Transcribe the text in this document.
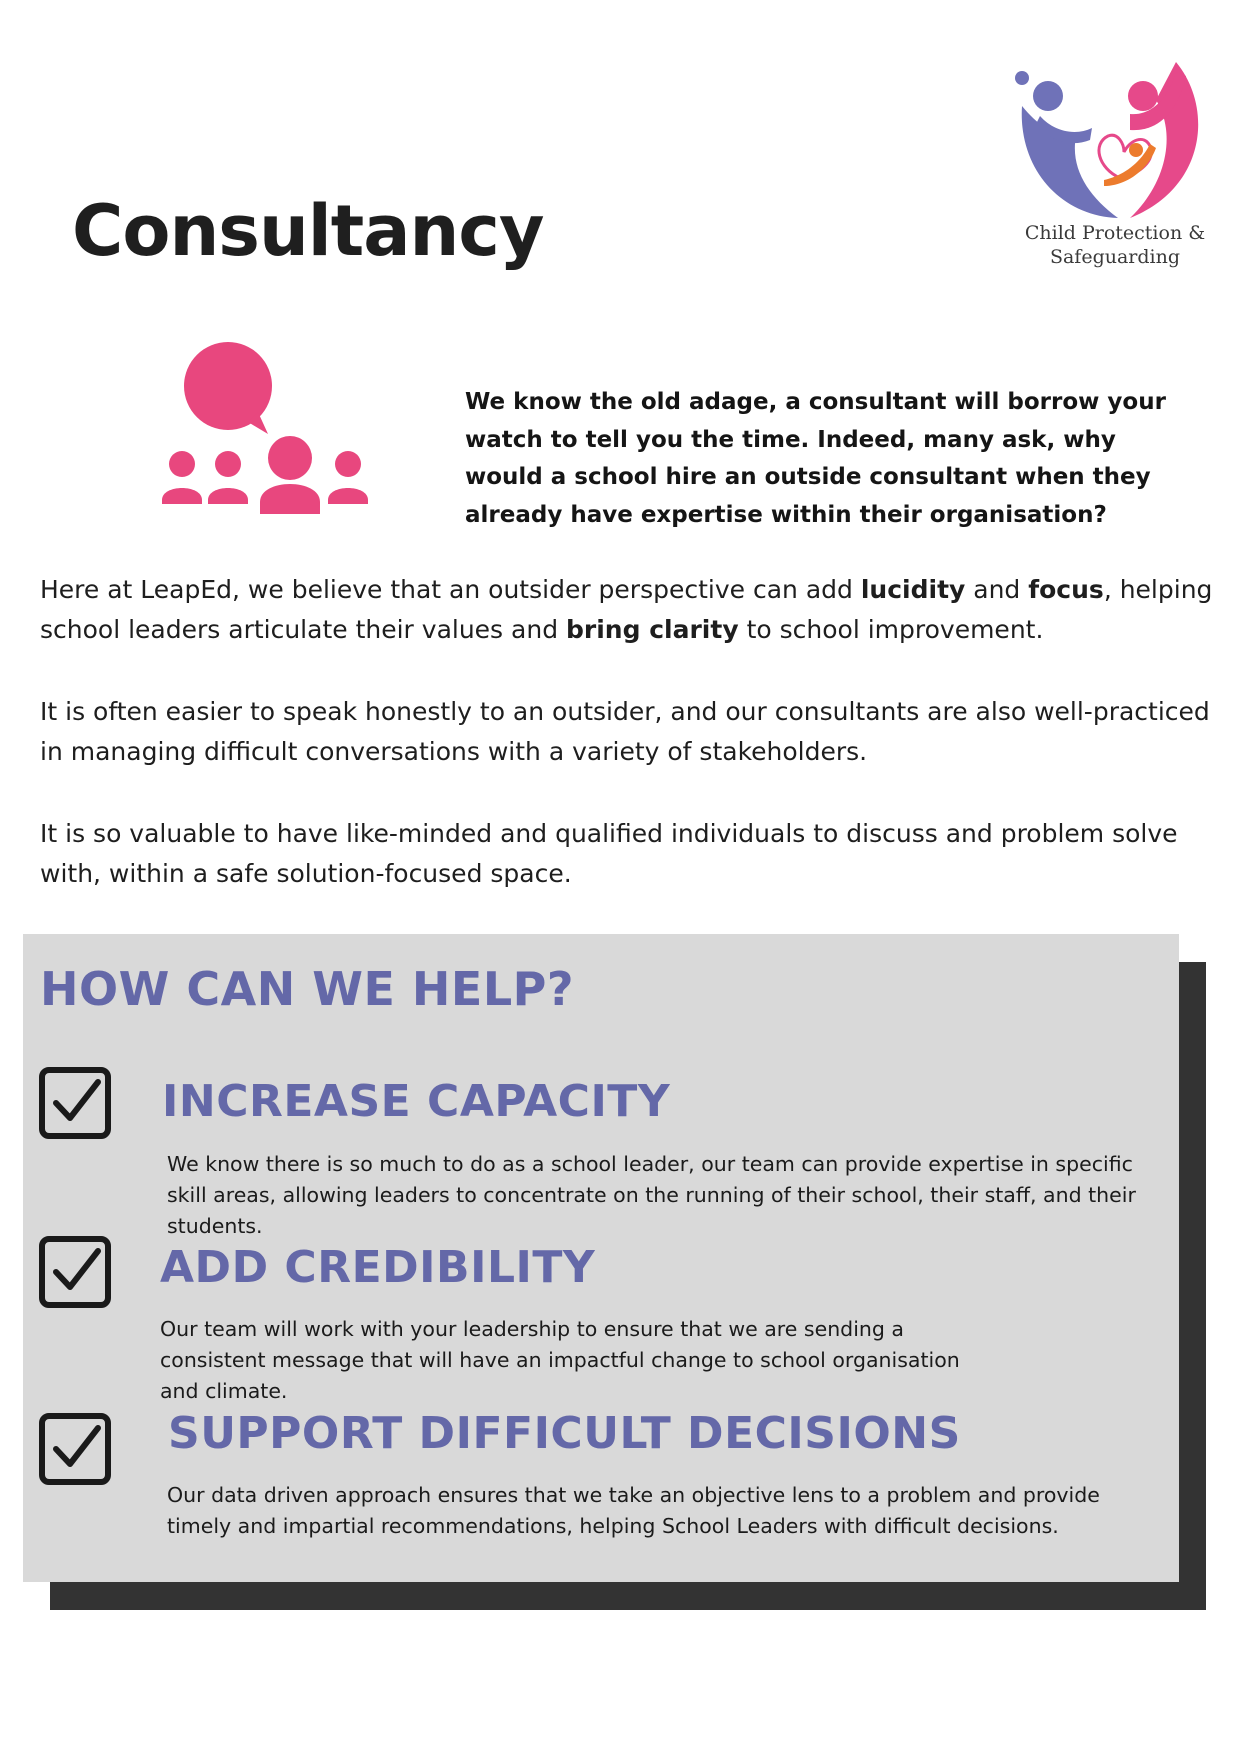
Consultancy	Child Protection &
Safeguarding

We know the old adage, a consultant will borrow your watch to tell you the time. Indeed, many ask, why would a school hire an outside consultant when they already have expertise within their organisation?

Here at LeapEd, we believe that an outsider perspective can add lucidity and focus, helping school leaders articulate their values and bring clarity to school improvement.

It is often easier to speak honestly to an outsider, and our consultants are also well-practiced in managing difficult conversations with a variety of stakeholders.

It is so valuable to have like-minded and qualified individuals to discuss and problem solve with, within a safe solution-focused space.

HOW CAN WE HELP?
INCREASE CAPACITY

We know there is so much to do as a school leader, our team can provide expertise in specific skill areas, allowing leaders to concentrate on the running of their school, their staff, and their students.

ADD CREDIBILITY

Our team will work with your leadership to ensure that we are sending a consistent message that will have an impactful change to school organisation and climate.

SUPPORT DIFFICULT DECISIONS

Our data driven approach ensures that we take an objective lens to a problem and provide timely and impartial recommendations, helping School Leaders with difficult decisions.
